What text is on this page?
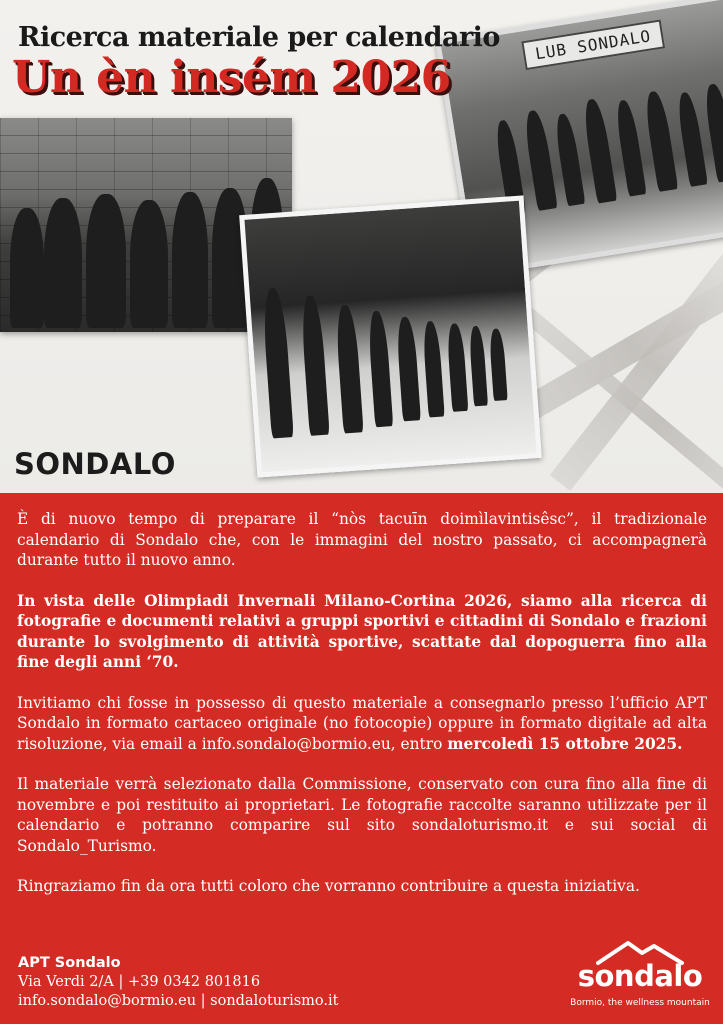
LUB SONDALO
Ricerca materiale per calendario
Un èn insém 2026
SONDALO

È di nuovo tempo di preparare il “nòs tacuīn doimìlavintisêsc”, il tradizionale calendario di Sondalo che, con le immagini del nostro passato, ci accompagnerà durante tutto il nuovo anno.

In vista delle Olimpiadi Invernali Milano-Cortina 2026, siamo alla ricerca di fotografie e documenti relativi a gruppi sportivi e cittadini di Sondalo e frazioni durante lo svolgimento di attività sportive, scattate dal dopoguerra fino alla fine degli anni ‘70.

Invitiamo chi fosse in possesso di questo materiale a consegnarlo presso l’ufficio APT Sondalo in formato cartaceo originale (no fotocopie) oppure in formato digitale ad alta risoluzione, via email a info.sondalo@bormio.eu, entro mercoledì 15 ottobre 2025.

Il materiale verrà selezionato dalla Commissione, conservato con cura fino alla fine di novembre e poi restituito ai proprietari. Le fotografie raccolte saranno utilizzate per il calendario e potranno comparire sul sito sondaloturismo.it e sui social di Sondalo_Turismo.

Ringraziamo fin da ora tutti coloro che vorranno contribuire a questa iniziativa.

APT Sondalo
Via Verdi 2/A | +39 0342 801816
info.sondalo@bormio.eu | sondaloturismo.it
sondalo
Bormio, the wellness mountain
